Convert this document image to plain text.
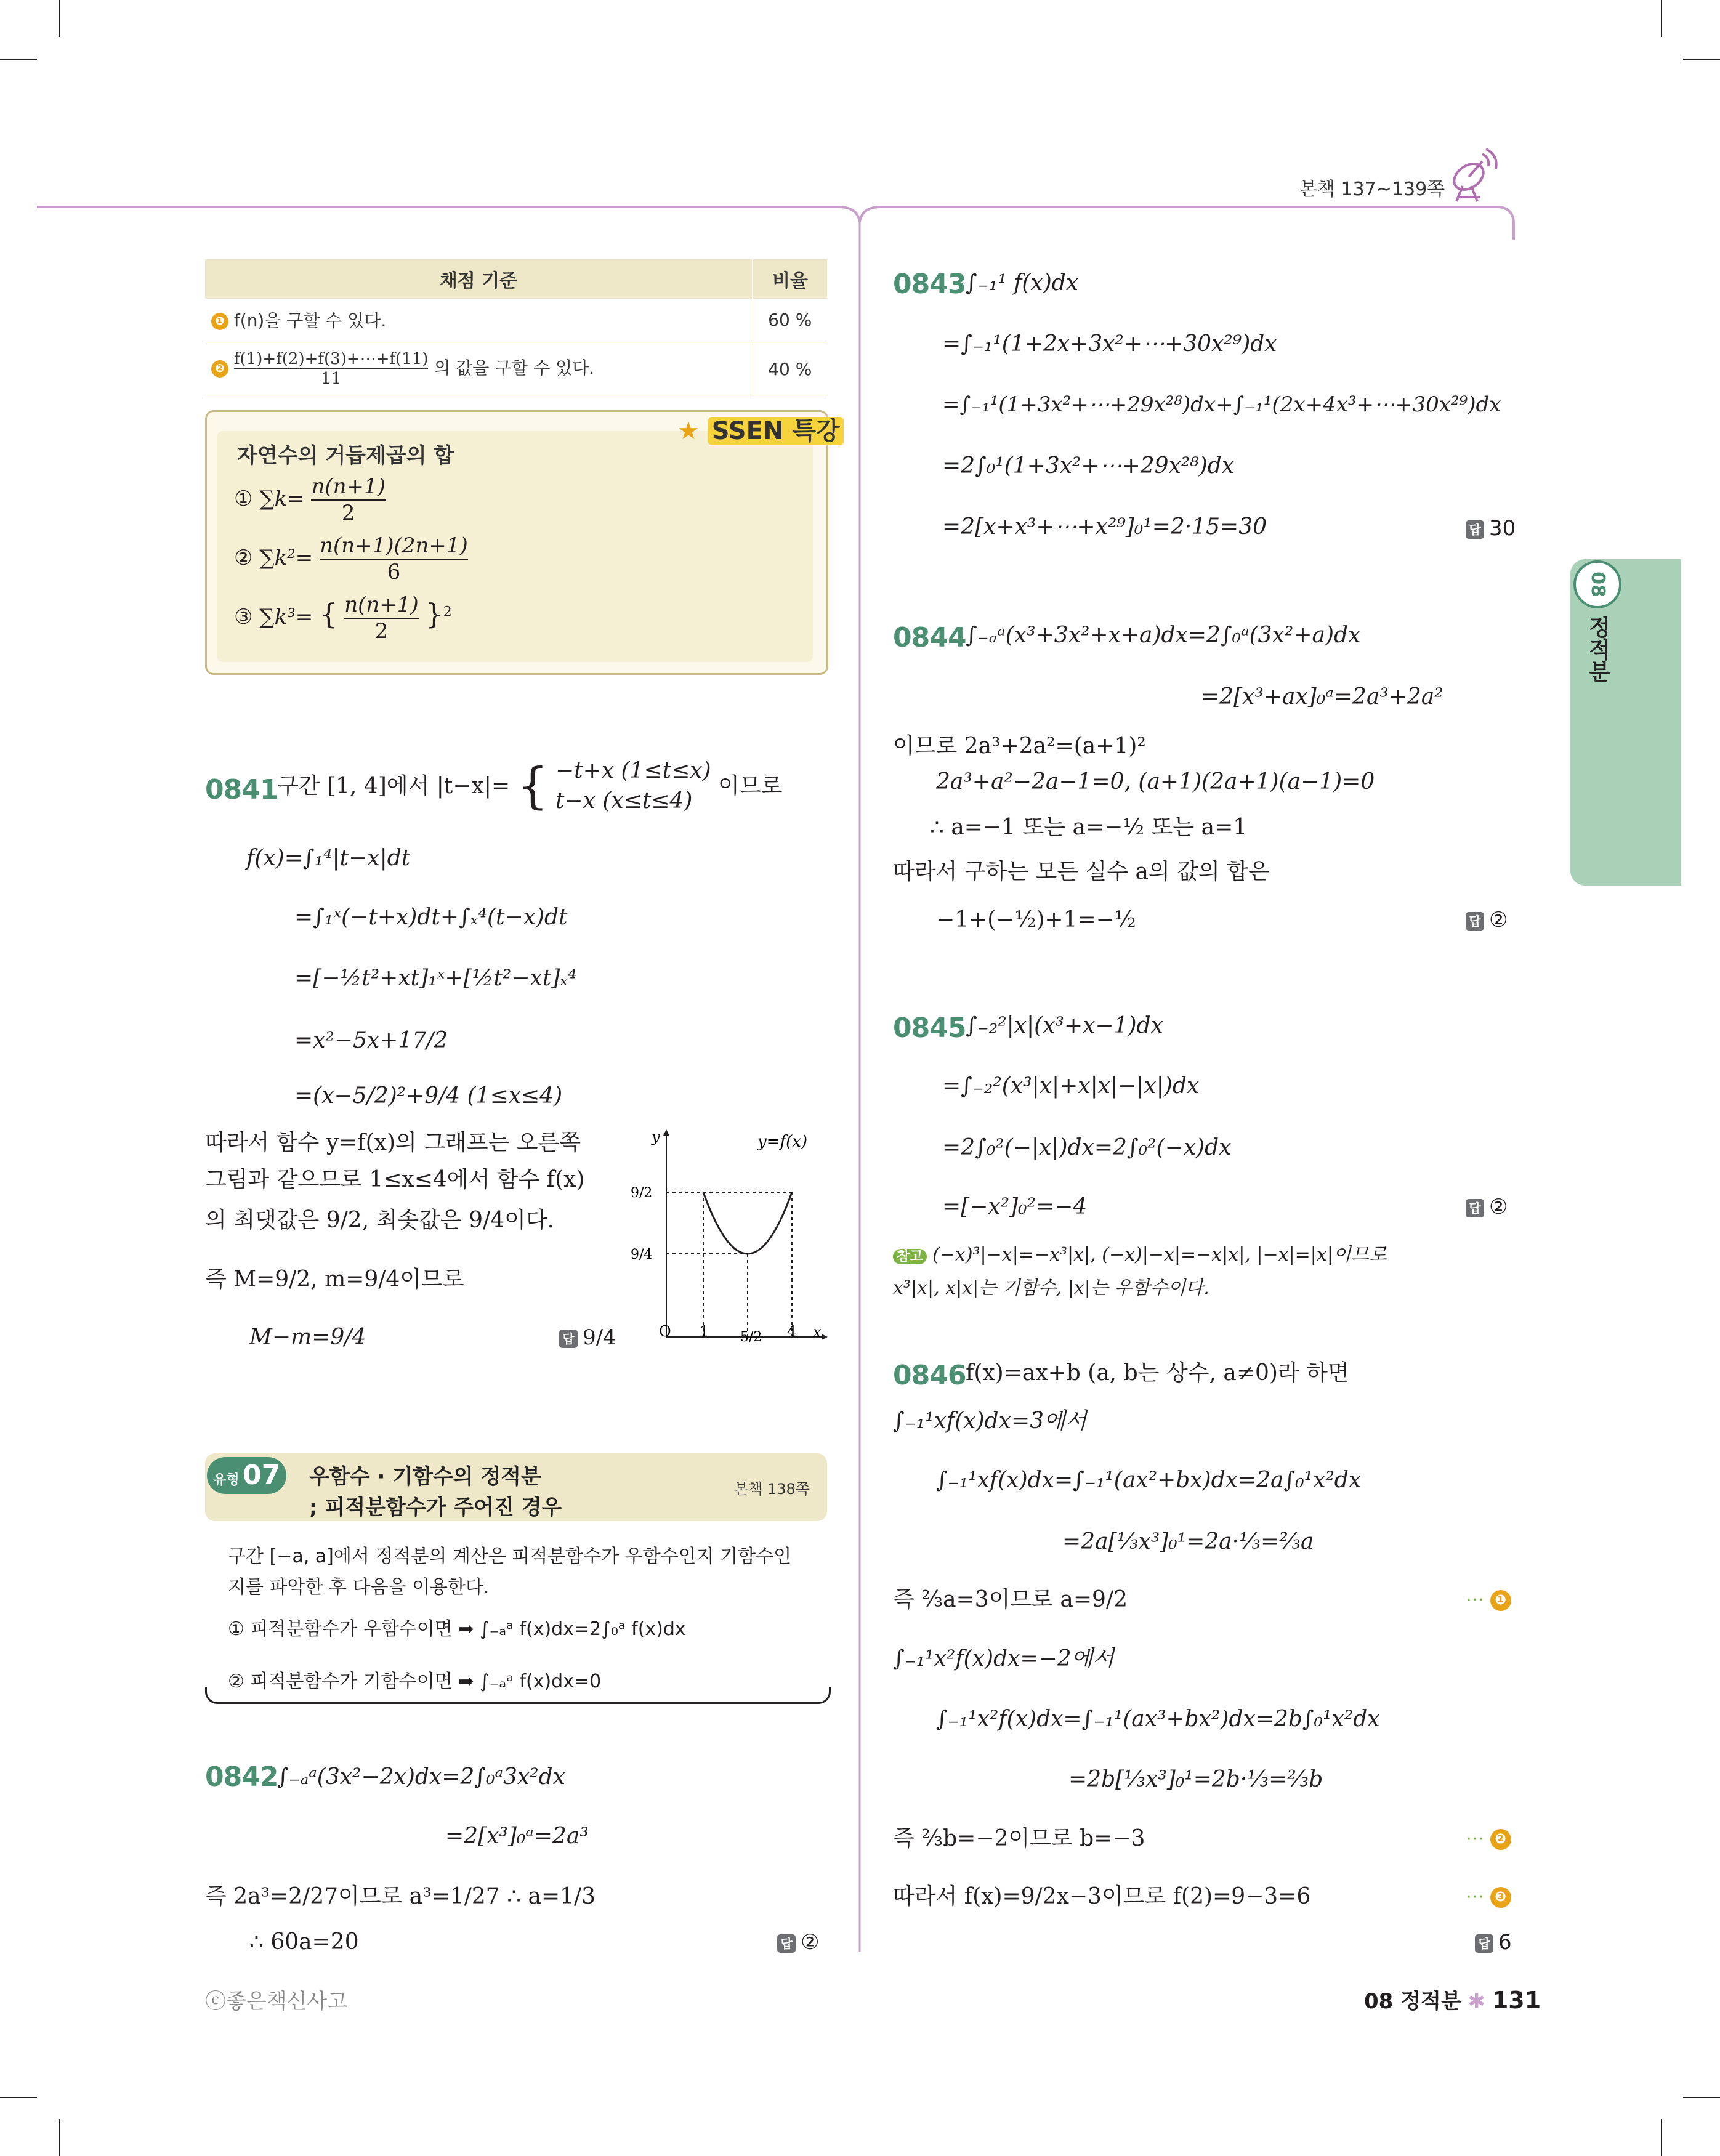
본책 137~139쪽
08
정적분
채점 기준	비율
❶ f(n)을 구할 수 있다.	60 %
❷ $\frac{f(1)+f(2)+f(3)+\cdots+f(11)}{11}$ 의 값을 구할 수 있다.	40 %
★ SSEN 특강
자연수의 거듭제곱의 합
① $\sum k= \frac{n(n+1)}{2}$
② $\sum k^2= \frac{n(n+1)(2n+1)}{6}$
③ ∑k³= { $\frac{n(n+1)}{2} \}^2$
0841
구간 [1, 4]에서 |t−x|= { −t+x (1≤t≤x)
t−x (x≤t≤4)
이므로
f(x)=∫₁⁴|t−x|dt
=∫₁ˣ(−t+x)dt+∫ₓ⁴(t−x)dt
=[−½t²+xt]₁ˣ+[½t²−xt]ₓ⁴
=x²−5x+17/2
=(x−5/2)²+9/4 (1≤x≤4)
따라서 함수 y=f(x)의 그래프는 오른쪽
그림과 같으므로 1≤x≤4에서 함수 f(x)
의 최댓값은 9/2, 최솟값은 9/4이다.
즉 M=9/2, m=9/4이므로
M−m=9/4	답 9/4
y
x
y=f(x)
O 1 5/2 4
9/2
9/4
유형 07 우함수 · 기함수의 정적분
; 피적분함수가 주어진 경우
본책 138쪽
구간 [−a, a]에서 정적분의 계산은 피적분함수가 우함수인지 기함수인
지를 파악한 후 다음을 이용한다.
① 피적분함수가 우함수이면 ➡ ∫₋ₐᵃ f(x)dx=2∫₀ᵃ f(x)dx
② 피적분함수가 기함수이면 ➡ ∫₋ₐᵃ f(x)dx=0
0842
∫₋ₐᵃ(3x²−2x)dx=2∫₀ᵃ3x²dx
=2[x³]₀ᵃ=2a³
즉 2a³=2/27이므로 a³=1/27 ∴ a=1/3
∴ 60a=20	답 ②
0843 ∫₋₁¹ f(x)dx
=∫₋₁¹(1+2x+3x²+⋯+30x²⁹)dx
=∫₋₁¹(1+3x²+⋯+29x²⁸)dx+∫₋₁¹(2x+4x³+⋯+30x²⁹)dx
=2∫₀¹(1+3x²+⋯+29x²⁸)dx
=2[x+x³+⋯+x²⁹]₀¹=2·15=30	답 30
0844 ∫₋ₐᵃ(x³+3x²+x+a)dx=2∫₀ᵃ(3x²+a)dx
=2[x³+ax]₀ᵃ=2a³+2a²
이므로 2a³+2a²=(a+1)²
2a³+a²−2a−1=0, (a+1)(2a+1)(a−1)=0
∴ a=−1 또는 a=−½ 또는 a=1
따라서 구하는 모든 실수 a의 값의 합은
−1+(−½)+1=−½	답 ②
0845 ∫₋₂²|x|(x³+x−1)dx
=∫₋₂²(x³|x|+x|x|−|x|)dx
=2∫₀²(−|x|)dx=2∫₀²(−x)dx
=[−x²]₀²=−4	답 ②
참고 (−x)³|−x|=−x³|x|, (−x)|−x|=−x|x|, |−x|=|x|이므로
x³|x|, x|x|는 기함수, |x|는 우함수이다.
0846 f(x)=ax+b (a, b는 상수, a≠0)라 하면
∫₋₁¹xf(x)dx=3에서
∫₋₁¹xf(x)dx=∫₋₁¹(ax²+bx)dx=2a∫₀¹x²dx
=2a[⅓x³]₀¹=2a·⅓=⅔a
즉 ⅔a=3이므로 a=9/2	⋯ ❶
∫₋₁¹x²f(x)dx=−2에서
∫₋₁¹x²f(x)dx=∫₋₁¹(ax³+bx²)dx=2b∫₀¹x²dx
=2b[⅓x³]₀¹=2b·⅓=⅔b
즉 ⅔b=−2이므로 b=−3	⋯ ❷
따라서 f(x)=9/2x−3이므로 f(2)=9−3=6	⋯ ❸
답 6
ⓒ좋은책신사고	08 정적분 ✱ 131
